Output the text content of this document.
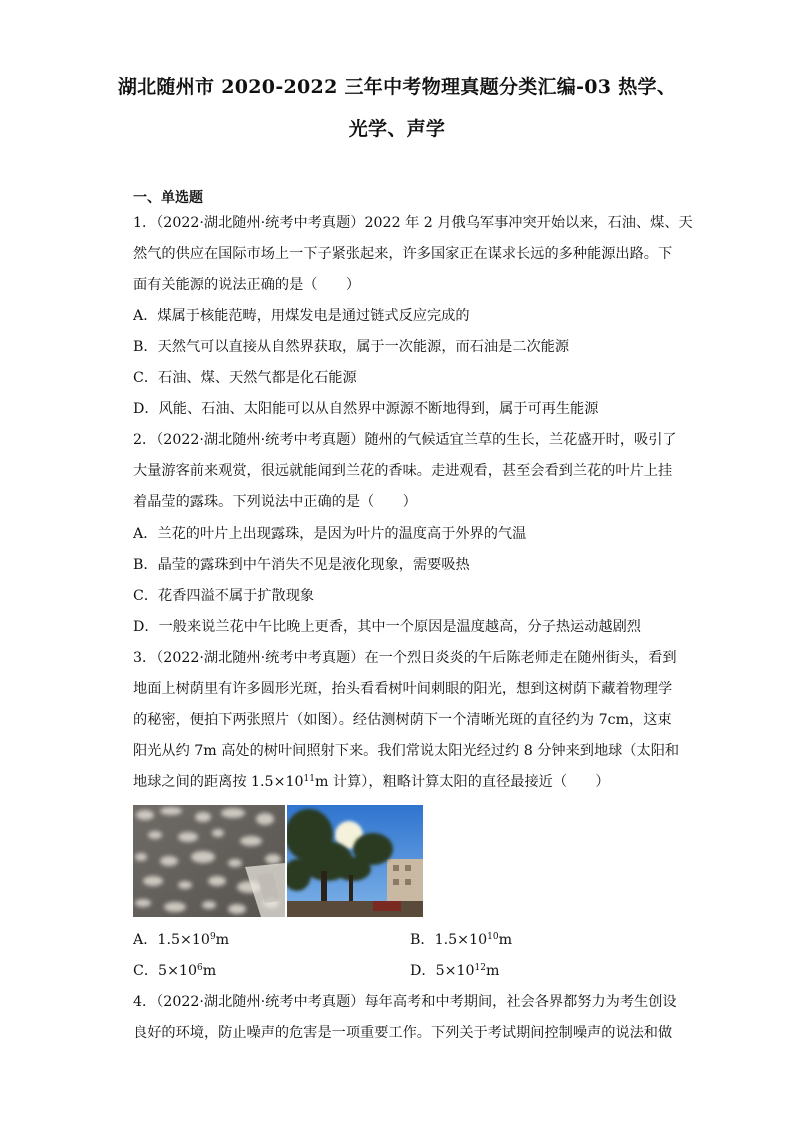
湖北随州市 2020-2022 三年中考物理真题分类汇编-03 热学、
光学、声学
一、单选题
1．（2022·湖北随州·统考中考真题）2022 年 2 月俄乌军事冲突开始以来，石油、煤、天
然气的供应在国际市场上一下子紧张起来，许多国家正在谋求长远的多种能源出路。下
面有关能源的说法正确的是（　　）
A．煤属于核能范畴，用煤发电是通过链式反应完成的
B．天然气可以直接从自然界获取，属于一次能源，而石油是二次能源
C．石油、煤、天然气都是化石能源
D．风能、石油、太阳能可以从自然界中源源不断地得到，属于可再生能源
2．（2022·湖北随州·统考中考真题）随州的气候适宜兰草的生长，兰花盛开时，吸引了
大量游客前来观赏，很远就能闻到兰花的香味。走进观看，甚至会看到兰花的叶片上挂
着晶莹的露珠。下列说法中正确的是（　　）
A．兰花的叶片上出现露珠，是因为叶片的温度高于外界的气温
B．晶莹的露珠到中午消失不见是液化现象，需要吸热
C．花香四溢不属于扩散现象
D．一般来说兰花中午比晚上更香，其中一个原因是温度越高，分子热运动越剧烈
3．（2022·湖北随州·统考中考真题）在一个烈日炎炎的午后陈老师走在随州街头，看到
地面上树荫里有许多圆形光斑，抬头看看树叶间刺眼的阳光，想到这树荫下藏着物理学
的秘密，便拍下两张照片（如图）。经估测树荫下一个清晰光斑的直径约为 7cm，这束
阳光从约 7m 高处的树叶间照射下来。我们常说太阳光经过约 8 分钟来到地球（太阳和
地球之间的距离按 $1.5\times 10^{11}m$ 计算），粗略计算太阳的直径最接近（　　）
A．$1.5\times 10^9m$	B．$1.5\times 10^{10}m$
C．$5\times 10^6m$	D．$5\times 10^{12}m$
4．（2022·湖北随州·统考中考真题）每年高考和中考期间，社会各界都努力为考生创设
良好的环境，防止噪声的危害是一项重要工作。下列关于考试期间控制噪声的说法和做
